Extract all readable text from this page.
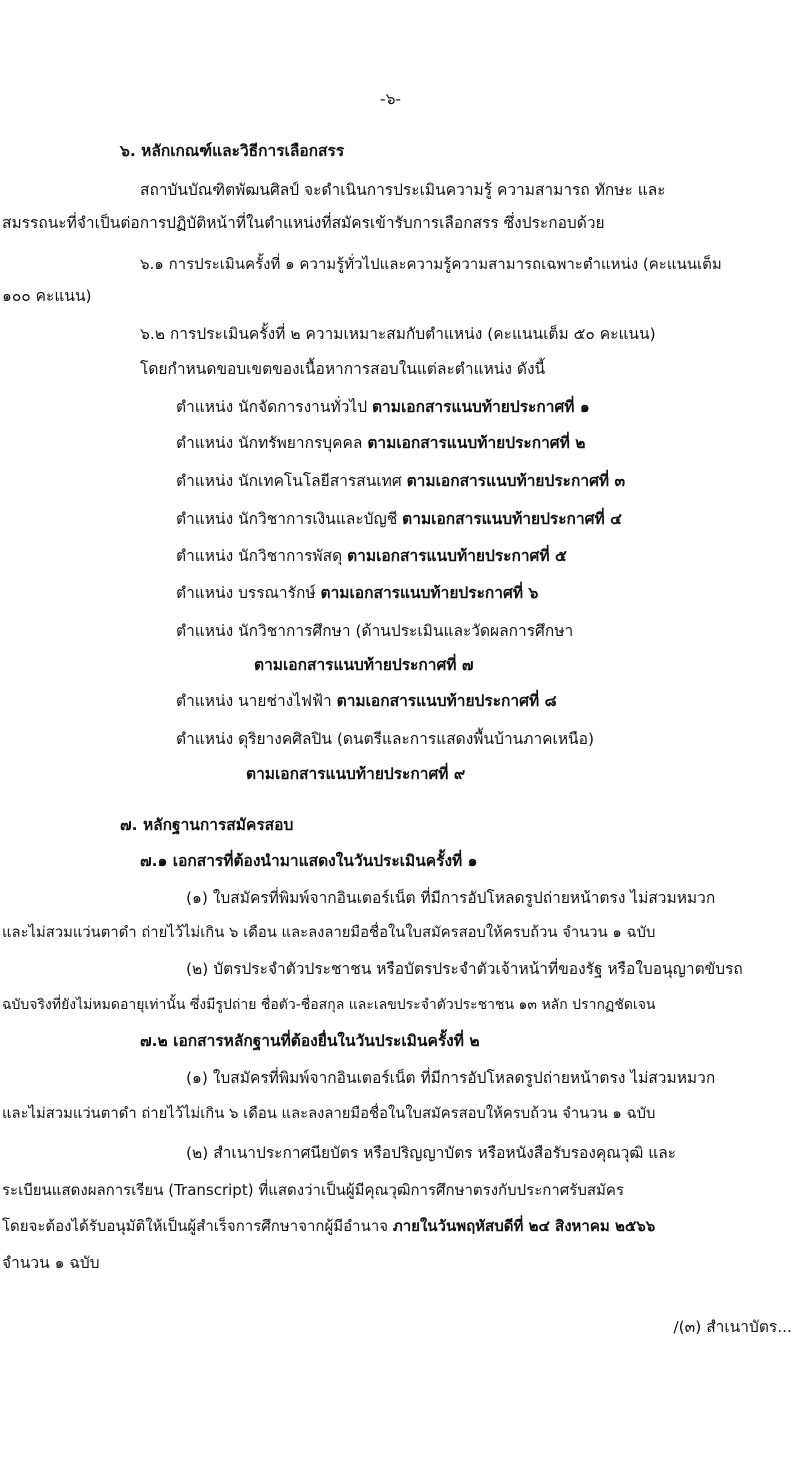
-๖-
๖. หลักเกณฑ์และวิธีการเลือกสรร
สถาบันบัณฑิตพัฒนศิลป์ จะดำเนินการประเมินความรู้ ความสามารถ ทักษะ และ
สมรรถนะที่จำเป็นต่อการปฏิบัติหน้าที่ในตำแหน่งที่สมัครเข้ารับการเลือกสรร ซึ่งประกอบด้วย
๖.๑ การประเมินครั้งที่ ๑ ความรู้ทั่วไปและความรู้ความสามารถเฉพาะตำแหน่ง (คะแนนเต็ม
๑๐๐ คะแนน)
๖.๒ การประเมินครั้งที่ ๒ ความเหมาะสมกับตำแหน่ง (คะแนนเต็ม ๕๐ คะแนน)
โดยกำหนดขอบเขตของเนื้อหาการสอบในแต่ละตำแหน่ง ดังนี้
ตำแหน่ง นักจัดการงานทั่วไป ตามเอกสารแนบท้ายประกาศที่ ๑
ตำแหน่ง นักทรัพยากรบุคคล ตามเอกสารแนบท้ายประกาศที่ ๒
ตำแหน่ง นักเทคโนโลยีสารสนเทศ ตามเอกสารแนบท้ายประกาศที่ ๓
ตำแหน่ง นักวิชาการเงินและบัญชี ตามเอกสารแนบท้ายประกาศที่ ๔
ตำแหน่ง นักวิชาการพัสดุ ตามเอกสารแนบท้ายประกาศที่ ๕
ตำแหน่ง บรรณารักษ์ ตามเอกสารแนบท้ายประกาศที่ ๖
ตำแหน่ง นักวิชาการศึกษา (ด้านประเมินและวัดผลการศึกษา
ตามเอกสารแนบท้ายประกาศที่ ๗
ตำแหน่ง นายช่างไฟฟ้า ตามเอกสารแนบท้ายประกาศที่ ๘
ตำแหน่ง ดุริยางคศิลปิน (ดนตรีและการแสดงพื้นบ้านภาคเหนือ)
ตามเอกสารแนบท้ายประกาศที่ ๙
๗. หลักฐานการสมัครสอบ
๗.๑ เอกสารที่ต้องนำมาแสดงในวันประเมินครั้งที่ ๑
(๑) ใบสมัครที่พิมพ์จากอินเตอร์เน็ต ที่มีการอัปโหลดรูปถ่ายหน้าตรง ไม่สวมหมวก
และไม่สวมแว่นตาดำ ถ่ายไว้ไม่เกิน ๖ เดือน และลงลายมือชื่อในใบสมัครสอบให้ครบถ้วน จำนวน ๑ ฉบับ
(๒) บัตรประจำตัวประชาชน หรือบัตรประจำตัวเจ้าหน้าที่ของรัฐ หรือใบอนุญาตขับรถ
ฉบับจริงที่ยังไม่หมดอายุเท่านั้น ซึ่งมีรูปถ่าย ชื่อตัว-ชื่อสกุล และเลขประจำตัวประชาชน ๑๓ หลัก ปรากฏชัดเจน
๗.๒ เอกสารหลักฐานที่ต้องยื่นในวันประเมินครั้งที่ ๒
(๑) ใบสมัครที่พิมพ์จากอินเตอร์เน็ต ที่มีการอัปโหลดรูปถ่ายหน้าตรง ไม่สวมหมวก
และไม่สวมแว่นตาดำ ถ่ายไว้ไม่เกิน ๖ เดือน และลงลายมือชื่อในใบสมัครสอบให้ครบถ้วน จำนวน ๑ ฉบับ
(๒) สำเนาประกาศนียบัตร หรือปริญญาบัตร หรือหนังสือรับรองคุณวุฒิ และ
ระเบียนแสดงผลการเรียน (Transcript) ที่แสดงว่าเป็นผู้มีคุณวุฒิการศึกษาตรงกับประกาศรับสมัคร
โดยจะต้องได้รับอนุมัติให้เป็นผู้สำเร็จการศึกษาจากผู้มีอำนาจ ภายในวันพฤหัสบดีที่ ๒๔ สิงหาคม ๒๕๖๖
จำนวน ๑ ฉบับ
/(๓) สำเนาบัตร...
